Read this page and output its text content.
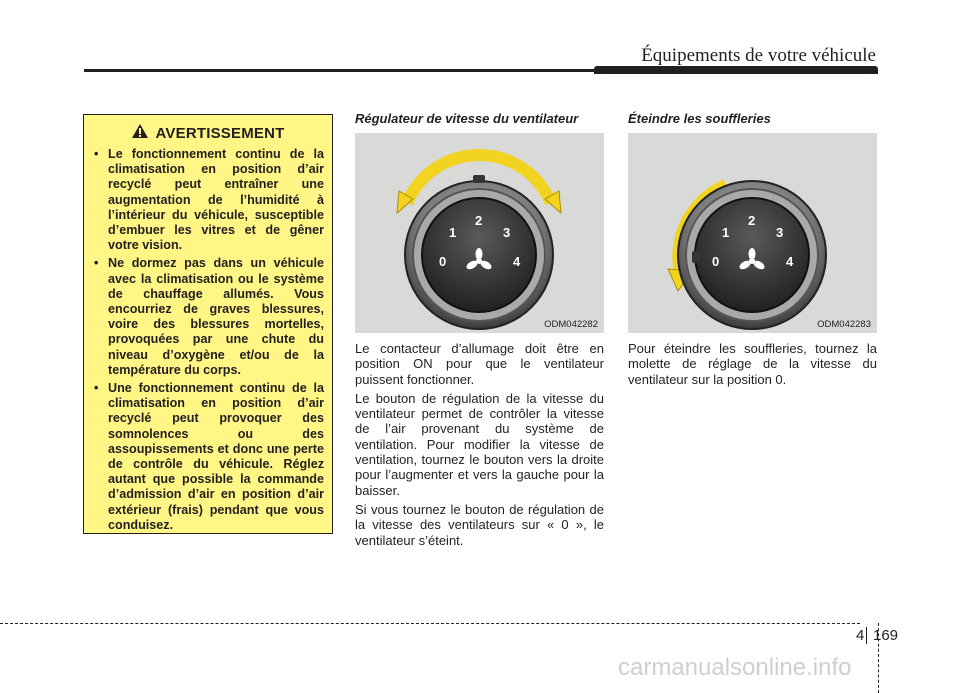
Équipements de votre véhicule
AVERTISSEMENT
• Le fonctionnement continu de la climatisation en position d’air recyclé peut entraîner une augmentation de l’humidité à l’intérieur du véhicule, susceptible d’embuer les vitres et de gêner votre vision.
• Ne dormez pas dans un véhicule avec la climatisation ou le système de chauffage allumés. Vous encourriez de graves blessures, voire des blessures mortelles, provoquées par une chute du niveau d’oxygène et/ou de la température du corps.
• Une fonctionnement continu de la climatisation en position d’air recyclé peut provoquer des somnolences ou des assoupissements et donc une perte de contrôle du véhicule. Réglez autant que possible la commande d’admission d’air en position d’air extérieur (frais) pendant que vous conduisez.
Régulateur de vitesse du ventilateur
0
1
2
3
4
ODM042282

Le contacteur d’allumage doit être en position ON pour que le ventilateur puissent fonctionner.

Le bouton de régulation de la vitesse du ventilateur permet de contrôler la vitesse de l’air provenant du système de ventilation. Pour modifier la vitesse de ventilation, tournez le bouton vers la droite pour l’augmenter et vers la gauche pour la baisser.

Si vous tournez le bouton de régulation de la vitesse des ventilateurs sur « 0 », le ventilateur s’éteint.

Éteindre les souffleries
0
1
2
3
4
ODM042283

Pour éteindre les souffleries, tournez la molette de réglage de la vitesse du ventilateur sur la position 0.

4 169
carmanualsonline.info
